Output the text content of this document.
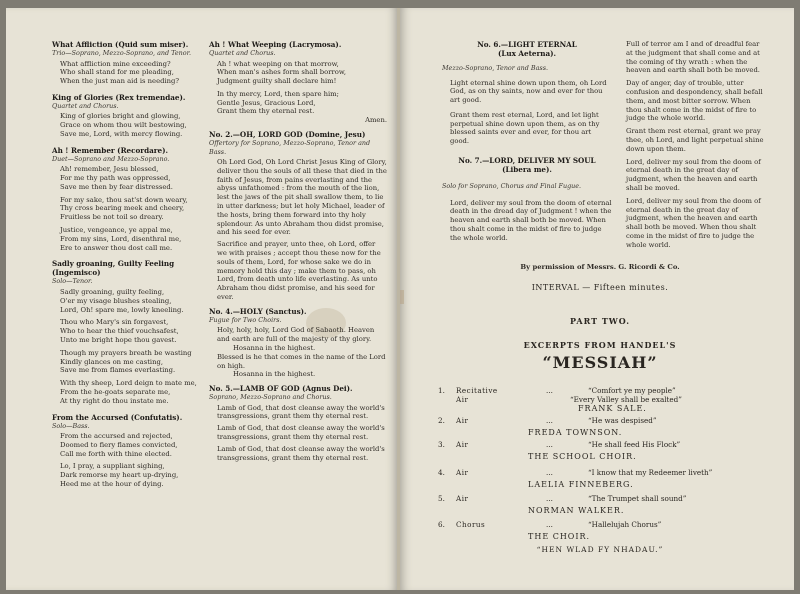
What Affliction (Quid sum miser).

Trio—Soprano, Mezzo-Soprano, and Tenor.

What affliction mine exceeding?

Who shall stand for me pleading,

When the just man aid is needing?

King of Glories (Rex tremendae).

Quartet and Chorus.

King of glories bright and glowing,

Grace on whom thou wilt bestowing,

Save me, Lord, with mercy flowing.

Ah ! Remember (Recordare).

Duet—Soprano and Mezzo-Soprano.

Ah! remember, Jesu blessed,

For me thy path was oppressed,

Save me then by fear distressed.

For my sake, thou sat'st down weary,

Thy cross bearing meek and cheery,

Fruitless be not toil so dreary.

Justice, vengeance, ye appal me,

From my sins, Lord, disenthral me,

Ere to answer thou dost call me.

Sadly groaning, Guilty Feeling (Ingemisco)

Solo—Tenor.

Sadly groaning, guilty feeling,

O'er my visage blushes stealing,

Lord, Oh! spare me, lowly kneeling.

Thou who Mary's sin forgavest,

Who to hear the thief vouchsafest,

Unto me bright hope thou gavest.

Though my prayers breath be wasting

Kindly glances on me casting,

Save me from flames everlasting.

With thy sheep, Lord deign to mate me,

From the he-goats separate me,

At thy right do thou instate me.

From the Accursed (Confutatis).

Solo—Bass.

From the accursed and rejected,

Doomed to fiery flames convicted,

Call me forth with thine elected.

Lo, I pray, a suppliant sighing,

Dark remorse my heart up-drying,

Heed me at the hour of dying.

Ah ! What Weeping (Lacrymosa).

Quartet and Chorus.

Ah ! what weeping on that morrow,

When man's ashes form shall borrow,

Judgment guilty shall declare him!

In thy mercy, Lord, then spare him;

Gentle Jesus, Gracious Lord,

Grant them thy eternal rest.

Amen.

No. 2.—OH, LORD GOD (Domine, Jesu)

Offertory for Soprano, Mezzo-Soprano, Tenor and Bass.

Oh Lord God, Oh Lord Christ Jesus King of Glory, deliver thou the souls of all these that died in the faith of Jesus, from pains everlasting and the abyss unfathomed : from the mouth of the lion, lest the jaws of the pit shall swallow them, to lie in utter darkness; but let holy Michael, leader of the hosts, bring them forward into thy holy splendour. As unto Abraham thou didst promise, and his seed for ever.

Sacrifice and prayer, unto thee, oh Lord, offer we with praises ; accept thou these now for the souls of them, Lord, for whose sake we do in memory hold this day ; make them to pass, oh Lord, from death unto life everlasting. As unto Abraham thou didst promise, and his seed for ever.

No. 4.—HOLY (Sanctus).

Fugue for Two Choirs.

Holy, holy, holy, Lord God of Sabaoth. Heaven and earth are full of the majesty of thy glory.

Hosanna in the highest.

Blessed is he that comes in the name of the Lord on high.

Hosanna in the highest.

No. 5.—LAMB OF GOD (Agnus Dei).

Soprano, Mezzo-Soprano and Chorus.

Lamb of God, that dost cleanse away the world's transgressions, grant them thy eternal rest.

Lamb of God, that dost cleanse away the world's transgressions, grant them thy eternal rest.

Lamb of God, that dost cleanse away the world's transgressions, grant them thy eternal rest.

No. 6.—LIGHT ETERNAL

(Lux Aeterna).

Mezzo-Soprano, Tenor and Bass.

Light eternal shine down upon them, oh Lord God, as on thy saints, now and ever for thou art good.

Grant them rest eternal, Lord, and let light perpetual shine down upon them, as on thy blessed saints ever and ever, for thou art good.

No. 7.—LORD, DELIVER MY SOUL

(Libera me).

Solo for Soprano, Chorus and Final Fugue.

Lord, deliver my soul from the doom of eternal death in the dread day of Judgment ! when the heaven and earth shall both be moved. When thou shalt come in the midst of fire to judge the whole world.

Full of terror am I and of dreadful fear at the judgment that shall come and at the coming of thy wrath : when the heaven and earth shall both be moved.

Day of anger, day of trouble, utter confusion and despondency, shall befall them, and most bitter sorrow. When thou shalt come in the midst of fire to judge the whole world.

Grant them rest eternal, grant we pray thee, oh Lord, and light perpetual shine down upon them.

Lord, deliver my soul from the doom of eternal death in the great day of judgment, when the heaven and earth shall be moved.

Lord, deliver my soul from the doom of eternal death in the great day of judgment, when the heaven and earth shall both be moved. When thou shalt come in the midst of fire to judge the whole world.

By permission of Messrs. G. Ricordi & Co.
INTERVAL — Fifteen minutes.
PART TWO.
EXCERPTS FROM HANDEL'S
“MESSIAH”
1. Recitative	...	“Comfort ye my people”
Air	“Every Valley shall be exalted”
FRANK SALE.
2. Air	...	“He was despised”
FREDA TOWNSON.
3. Air	...	“He shall feed His Flock”
THE SCHOOL CHOIR.
4. Air	...	“I know that my Redeemer liveth”
LAELIA FINNEBERG.
5. Air	...	“The Trumpet shall sound”
NORMAN WALKER.
6. Chorus	...	“Hallelujah Chorus”
THE CHOIR.
“HEN WLAD FY NHADAU.”
